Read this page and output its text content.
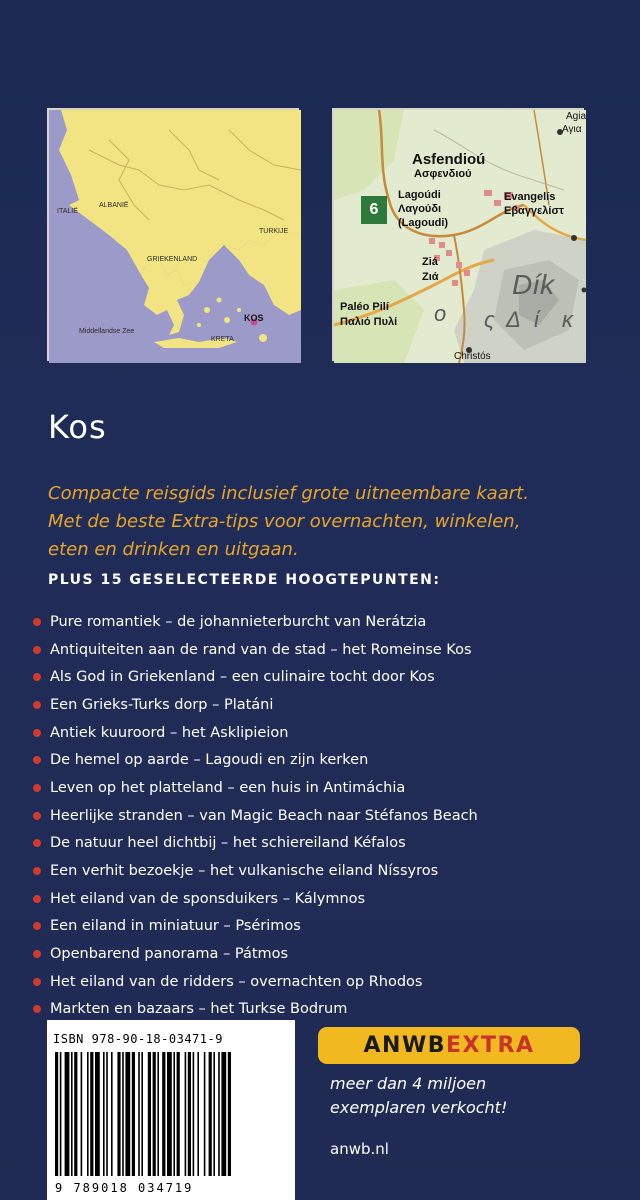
ITALIË
ALBANIË
TURKIJE
GRIEKENLAND
KOS
Middellandse Zee
KRETA
Agia
Αγια
Asfendioú
Ασφενδιού
Lagoúdi
Λαγούδι
(Lagoudi)
Evangelís
Εβαγγελίστ
Ziá
Ζιά
Paléo Pilí
Παλιό Πυλί
Christós
Dík
ο ς Δ ί κ
6
Kos
Compacte reisgids inclusief grote uitneembare kaart.
Met de beste Extra-tips voor overnachten, winkelen,
eten en drinken en uitgaan.
PLUS 15 GESELECTEERDE HOOGTEPUNTEN:
Pure romantiek – de johannieterburcht van Nerátzia
Antiquiteiten aan de rand van de stad – het Romeinse Kos
Als God in Griekenland – een culinaire tocht door Kos
Een Grieks-Turks dorp – Platáni
Antiek kuuroord – het Asklipieion
De hemel op aarde – Lagoudi en zijn kerken
Leven op het platteland – een huis in Antimáchia
Heerlijke stranden – van Magic Beach naar Stéfanos Beach
De natuur heel dichtbij – het schiereiland Kéfalos
Een verhit bezoekje – het vulkanische eiland Níssyros
Het eiland van de sponsduikers – Kálymnos
Een eiland in miniatuur – Psérimos
Openbarend panorama – Pátmos
Het eiland van de ridders – overnachten op Rhodos
Markten en bazaars – het Turkse Bodrum
ISBN 978-90-18-03471-9
9 789018 034719
ANWB EXTRA
meer dan 4 miljoen
exemplaren verkocht!
anwb.nl
